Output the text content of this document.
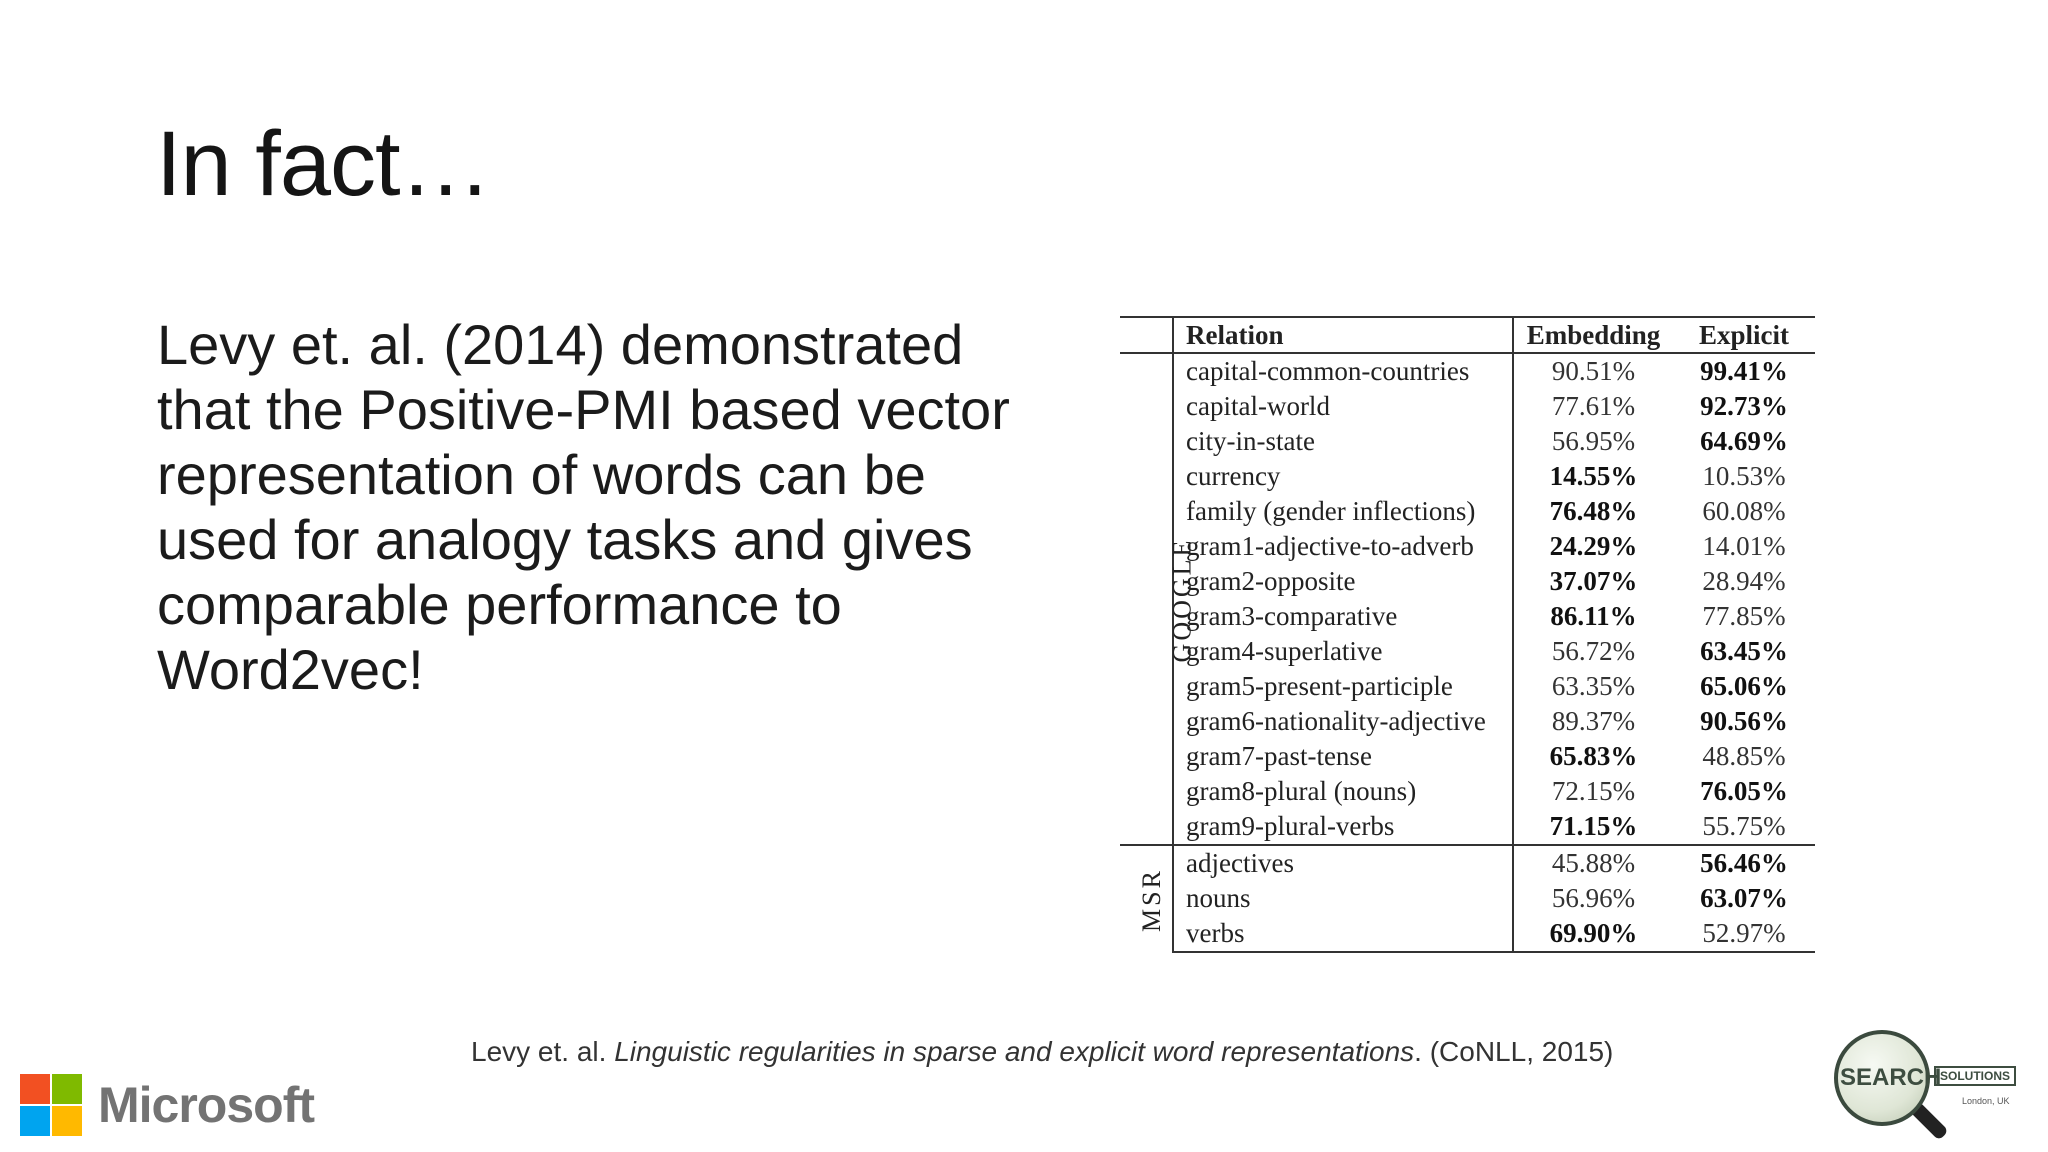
In fact…

Levy et. al. (2014) demonstrated that the Positive-PMI based vector representation of words can be used for analogy tasks and gives comparable performance to Word2vec!

	Relation	Embedding	Explicit
GOOGLE	capital-common-countries	90.51%	99.41%
	capital-world	77.61%	92.73%
	city-in-state	56.95%	64.69%
	currency	14.55%	10.53%
	family (gender inflections)	76.48%	60.08%
	gram1-adjective-to-adverb	24.29%	14.01%
	gram2-opposite	37.07%	28.94%
	gram3-comparative	86.11%	77.85%
	gram4-superlative	56.72%	63.45%
	gram5-present-participle	63.35%	65.06%
	gram6-nationality-adjective	89.37%	90.56%
	gram7-past-tense	65.83%	48.85%
	gram8-plural (nouns)	72.15%	76.05%
	gram9-plural-verbs	71.15%	55.75%
MSR	adjectives	45.88%	56.46%
	nouns	56.96%	63.07%
	verbs	69.90%	52.97%
Levy et. al. Linguistic regularities in sparse and explicit word representations. (CoNLL, 2015)
Microsoft	SEARCH
SOLUTIONS
London, UK
